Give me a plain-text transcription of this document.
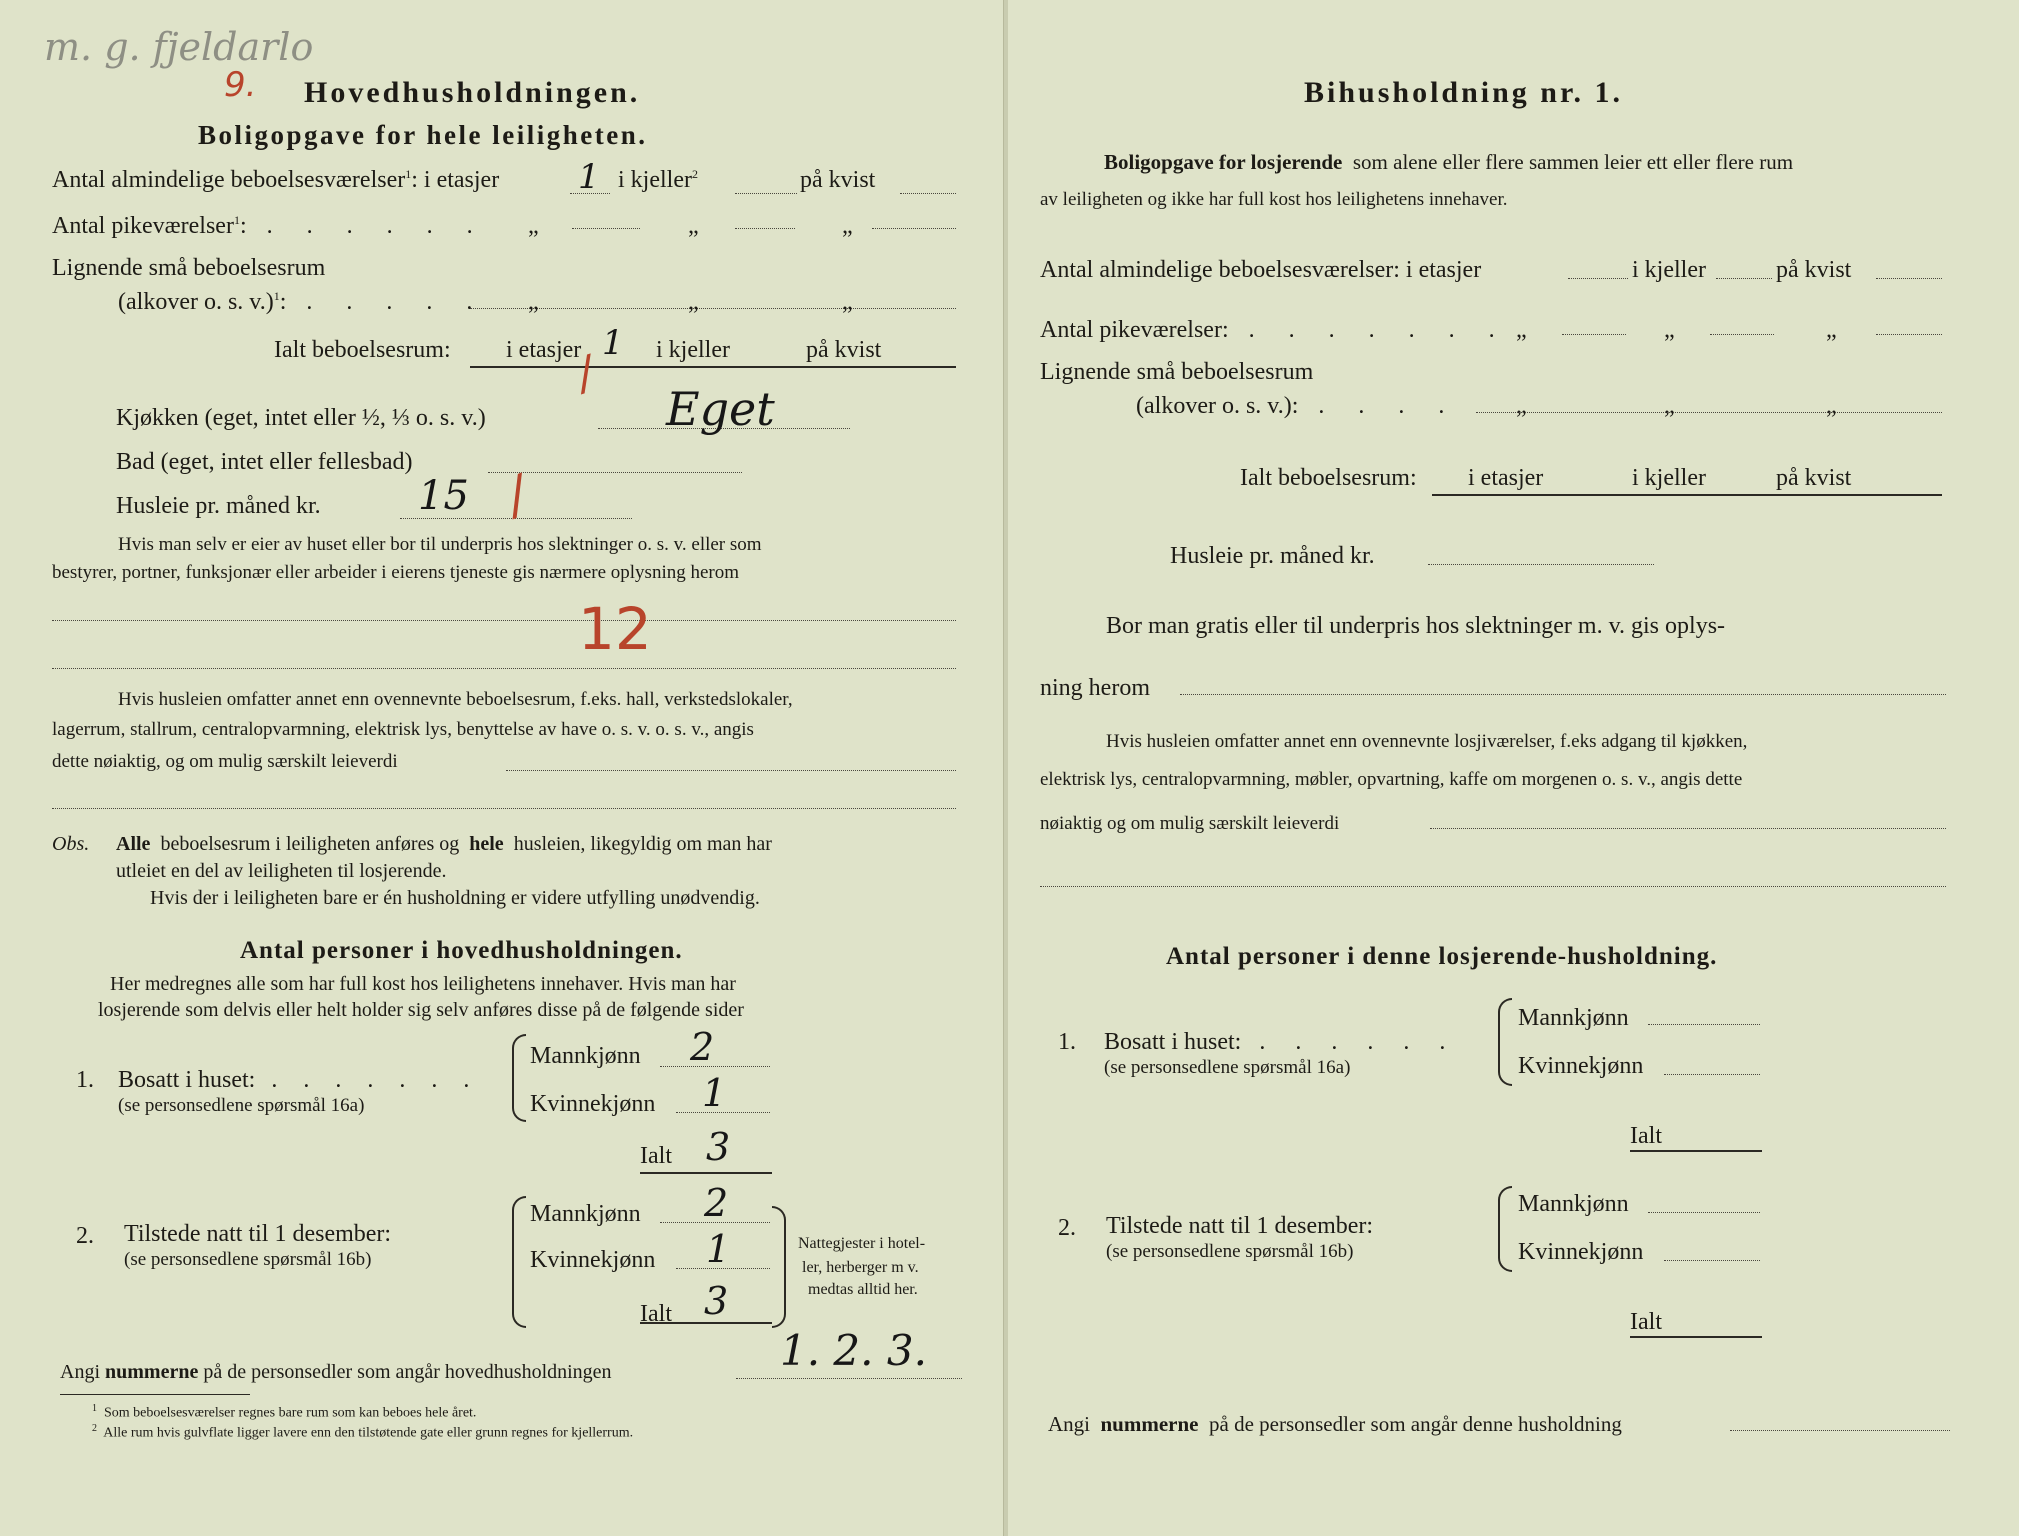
m. g. fjeldarlo
9. Hovedhusholdningen.
Boligopgave for hele leiligheten.
Antal almindelige beboelsesværelser$^1$: i etasjer 1 i kjeller$^2$	på kvist
Antal pikeværelser$^1$: . . . . . . „	„	„
Lignende små beboelsesrum
(alkover o. s. v.)$^1$: . . . . . „	„	„
Ialt beboelsesrum: i etasjer 1 i kjeller	på kvist
/
Kjøkken (eget, intet eller ½, ⅓ o. s. v.)	Eget
Bad (eget, intet eller fellesbad)
Husleie pr. måned kr. 15 /
Hvis man selv er eier av huset eller bor til underpris hos slektninger o. s. v. eller som
bestyrer, portner, funksjonær eller arbeider i eierens tjeneste gis nærmere oplysning herom
12
Hvis husleien omfatter annet enn ovennevnte beboelsesrum, f.eks. hall, verkstedslokaler,
lagerrum, stallrum, centralopvarmning, elektrisk lys, benyttelse av have o. s. v. o. s. v., angis
dette nøiaktig, og om mulig særskilt leieverdi
Obs. Alle beboelsesrum i leiligheten anføres og hele husleien, likegyldig om man har
utleiet en del av leiligheten til losjerende.
Hvis der i leiligheten bare er én husholdning er videre utfylling unødvendig.
Antal personer i hovedhusholdningen.
Her medregnes alle som har full kost hos leilighetens innehaver. Hvis man har
losjerende som delvis eller helt holder sig selv anføres disse på de følgende sider
1. Bosatt i huset: . . . . . . .
(se personsedlene spørsmål 16a)
Mannkjønn 2
Kvinnekjønn 1
Ialt 3
2. Tilstede natt til 1 desember:
(se personsedlene spørsmål 16b)
Mannkjønn 2
Kvinnekjønn 1
Ialt 3
Nattegjester i hotel-
ler, herberger m v.
medtas alltid her.
Angi nummerne på de personsedler som angår hovedhusholdningen	1. 2. 3.
$^1$ Som beboelsesværelser regnes bare rum som kan beboes hele året.
$^2$ Alle rum hvis gulvflate ligger lavere enn den tilstøtende gate eller grunn regnes for kjellerrum.
Bihusholdning nr. 1.
Boligopgave for losjerende som alene eller flere sammen leier ett eller flere rum
av leiligheten og ikke har full kost hos leilighetens innehaver.
Antal almindelige beboelsesværelser: i etasjer	i kjeller	på kvist
Antal pikeværelser: . . . . . . . „	„	„
Lignende små beboelsesrum
(alkover o. s. v.): . . . . „	„	„
Ialt beboelsesrum: i etasjer	i kjeller	på kvist
Husleie pr. måned kr.
Bor man gratis eller til underpris hos slektninger m. v. gis oplys-
ning herom
Hvis husleien omfatter annet enn ovennevnte losjiværelser, f.eks adgang til kjøkken,
elektrisk lys, centralopvarmning, møbler, opvartning, kaffe om morgenen o. s. v., angis dette
nøiaktig og om mulig særskilt leieverdi
Antal personer i denne losjerende-husholdning.
1. Bosatt i huset: . . . . . .
(se personsedlene spørsmål 16a)
Mannkjønn
Kvinnekjønn
Ialt
2. Tilstede natt til 1 desember:
(se personsedlene spørsmål 16b)
Mannkjønn
Kvinnekjønn
Ialt
Angi nummerne på de personsedler som angår denne husholdning
